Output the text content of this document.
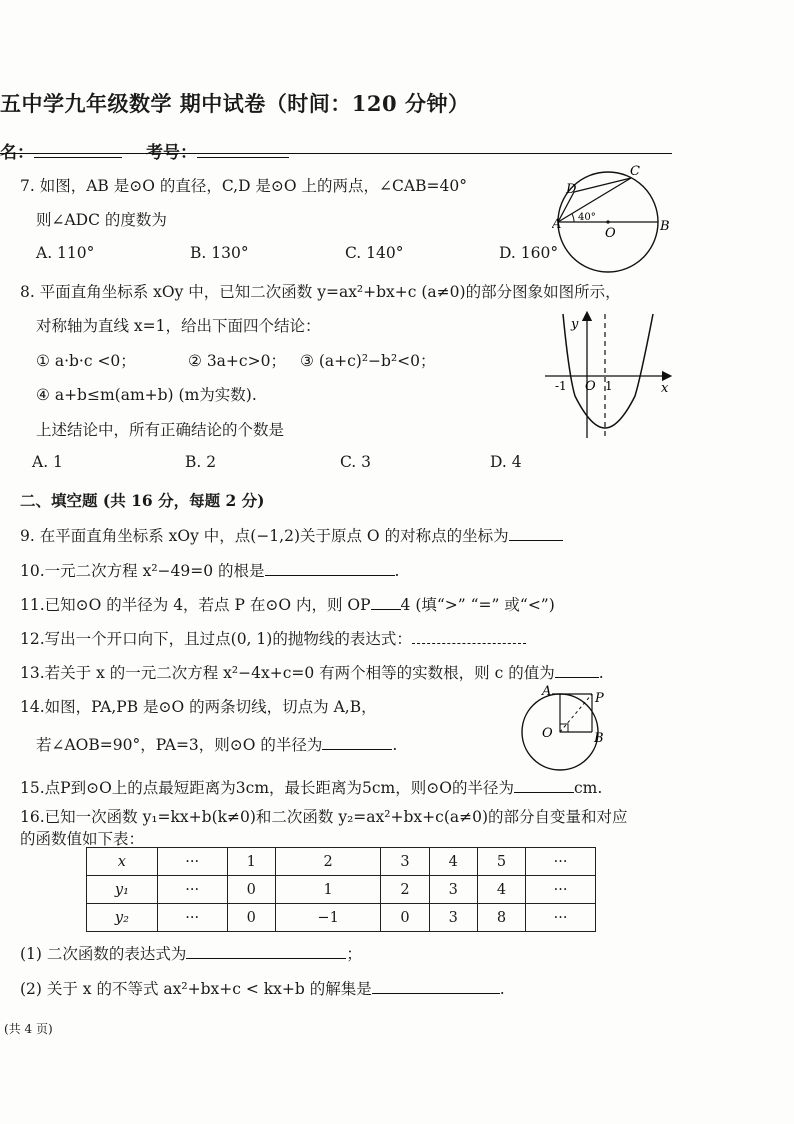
五中学九年级数学 期中试卷（时间：120 分钟）
名：	考号：
7. 如图，AB 是⊙O 的直径，C,D 是⊙O 上的两点，∠CAB=40°
则∠ADC 的度数为
A. 110°	B. 130°	C. 140°	D. 160°
A	B
C
D
O
40°
8. 平面直角坐标系 xOy 中，已知二次函数 y=ax²+bx+c (a≠0)的部分图象如图所示，
对称轴为直线 x=1，给出下面四个结论：
① a·b·c <0；	② 3a+c>0； ③ (a+c)²−b²<0；
④ a+b≤m(am+b) (m为实数).
上述结论中，所有正确结论的个数是
A. 1	B. 2	C. 3	D. 4
y
x
O
-1	1
二、填空题 (共 16 分，每题 2 分)
9. 在平面直角坐标系 xOy 中，点(−1,2)关于原点 O 的对称点的坐标为
10.一元二次方程 x²−49=0 的根是	.
11.已知⊙O 的半径为 4，若点 P 在⊙O 内，则 OP 4 (填“>” “=” 或“<”)
12.写出一个开口向下，且过点(0, 1)的抛物线的表达式：
13.若关于 x 的一元二次方程 x²−4x+c=0 有两个相等的实数根，则 c 的值为	.
14.如图，PA,PB 是⊙O 的两条切线，切点为 A,B，
若∠AOB=90°，PA=3，则⊙O 的半径为	.
A	P
O	B
15.点P到⊙O上的点最短距离为3cm，最长距离为5cm，则⊙O的半径为	cm.
16.已知一次函数 y₁=kx+b(k≠0)和二次函数 y₂=ax²+bx+c(a≠0)的部分自变量和对应
的函数值如下表：
x	···	1	2	3	4	5	···
y₁	···	0	1	2	3	4	···
y₂	···	0	−1	0	3	8	···
(1) 二次函数的表达式为	；
(2) 关于 x 的不等式 ax²+bx+c < kx+b 的解集是	.
(共 4 页)
